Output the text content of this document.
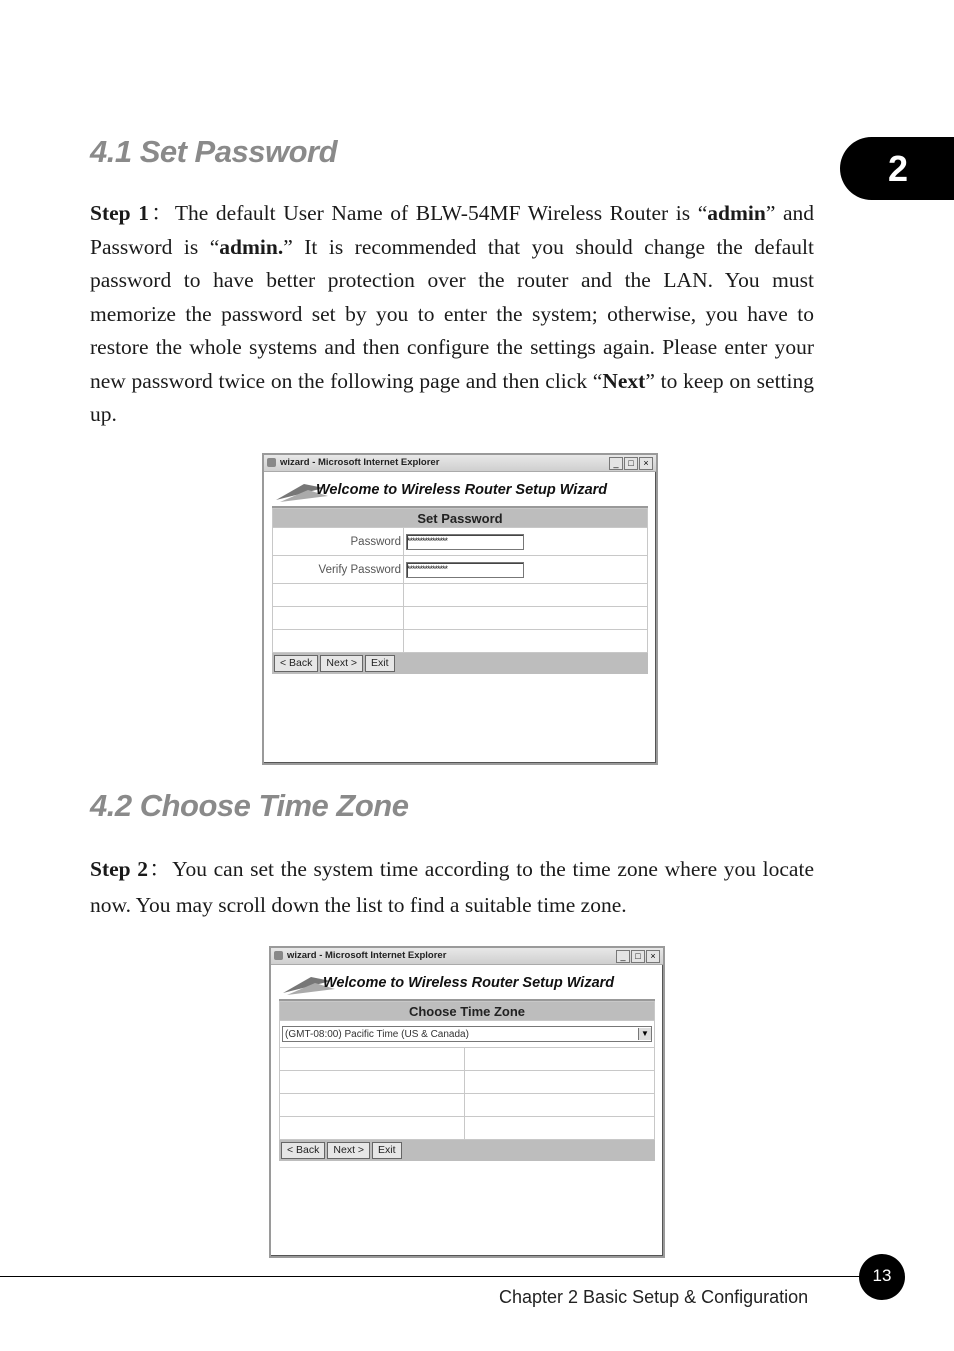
2
4.1 Set Password

Step 1：The default User Name of BLW-54MF Wireless Router is “admin” and Password is “admin.” It is recommended that you should change the default password to have better protection over the router and the LAN. You must memorize the password set by you to enter the system; otherwise, you have to restore the whole systems and then configure the settings again. Please enter your new password twice on the following page and then click “Next” to keep on setting up.

wizard - Microsoft Internet Explorer	_	□	×
Welcome to Wireless Router Setup Wizard
Set Password	
Password	****************
Verify Password	****************

< Back	Next >	Exit
4.2 Choose Time Zone

Step 2：You can set the system time according to the time zone where you locate now. You may scroll down the list to find a suitable time zone.

wizard - Microsoft Internet Explorer	_	□	×
Welcome to Wireless Router Setup Wizard
Choose Time Zone	

(GMT-08:00) Pacific Time (US & Canada) ▼	

< Back	Next >	Exit
13
Chapter 2 Basic Setup & Configuration
